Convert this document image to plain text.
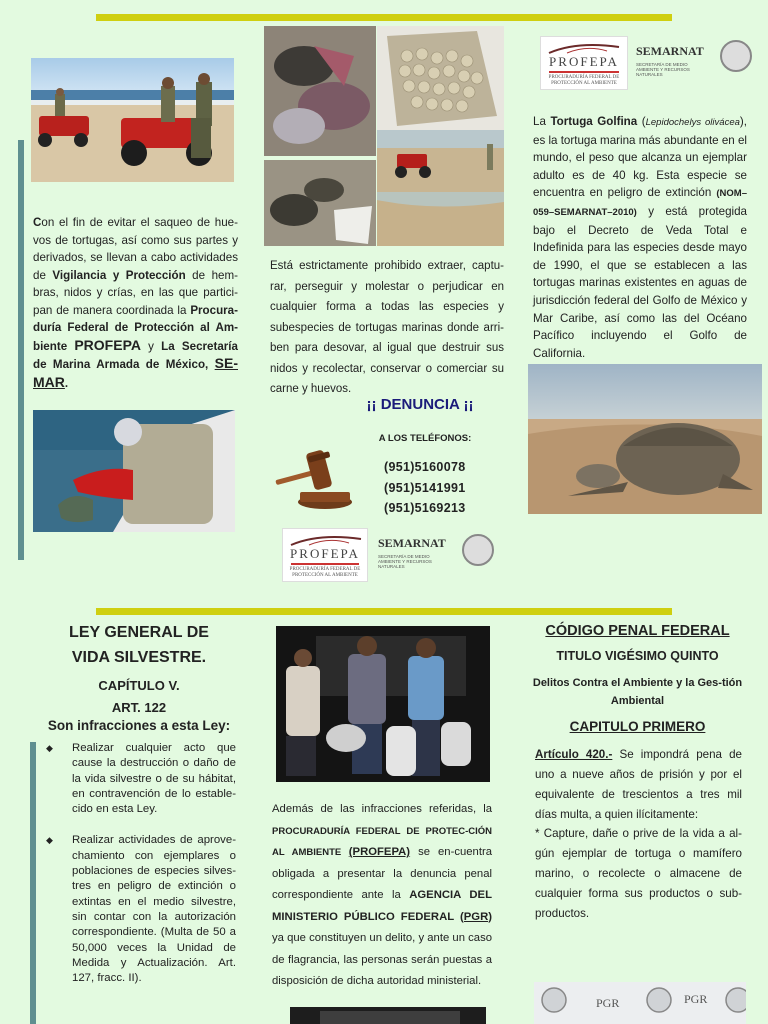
Con el fin de evitar el saqueo de hue-vos de tortugas, así como sus partes y derivados, se llevan a cabo actividades de Vigilancia y Protección de hem-bras, nidos y crías, en las que partici-pan de manera coordinada la Procura-duría Federal de Protección al Am-biente PROFEPA y La Secretaría de Marina Armada de México, SE-MAR.
Está estrictamente prohibido extraer, captu-rar, perseguir y molestar o perjudicar en cualquier forma a todas las especies y subespecies de tortugas marinas donde arri-ben para desovar, al igual que destruir sus nidos y recolectar, conservar o comerciar su carne y huevos.
¡¡ DENUNCIA ¡¡
A LOS TELÉFONOS:
(951)5160078
(951)5141991
(951)5169213
PROFEPA
PROCURADURÍA FEDERAL DE PROTECCIÓN AL AMBIENTE
SEMARNAT
SECRETARÍA DE MEDIO AMBIENTE Y RECURSOS NATURALES
PROFEPA
PROCURADURÍA FEDERAL DE PROTECCIÓN AL AMBIENTE
SEMARNAT
SECRETARÍA DE MEDIO AMBIENTE Y RECURSOS NATURALES
La Tortuga Golfina (Lepidochelys olivácea), es la tortuga marina más abundante en el mundo, el peso que alcanza un ejemplar adulto es de 40 kg. Esta especie se encuentra en peligro de extinción (NOM–059–SEMARNAT–2010) y está protegida bajo el Decreto de Veda Total e Indefinida para las especies desde mayo de 1990, el que se establecen a las tortugas marinas existentes en aguas de jurisdicción federal del Golfo de México y Mar Caribe, así como las del Océano Pacífico incluyendo el Golfo de California.
LEY GENERAL DE
VIDA SILVESTRE.
CAPÍTULO V.
ART. 122
Son infracciones a esta Ley:
◆ Realizar cualquier acto que cause la destrucción o daño de la vida silvestre o de su hábitat, en contravención de lo estable-cido en esta Ley.
◆ Realizar actividades de aprove-chamiento con ejemplares o poblaciones de especies silves-tres en peligro de extinción o extintas en el medio silvestre, sin contar con la autorización correspondiente. (Multa de 50 a 50,000 veces la Unidad de Medida y Actualización. Art. 127, fracc. II).
Además de las infracciones referidas, la PROCURADURÍA FEDERAL DE PROTEC-CIÓN AL AMBIENTE (PROFEPA) se en-cuentra obligada a presentar la denuncia penal correspondiente ante la AGENCIA DEL MINISTERIO PÚBLICO FEDERAL (PGR) ya que constituyen un delito, y ante un caso de flagrancia, las personas serán puestas a disposición de dicha autoridad ministerial.
CÓDIGO PENAL FEDERAL
TITULO VIGÉSIMO QUINTO
Delitos Contra el Ambiente y la Ges-tión Ambiental
CAPITULO PRIMERO
Artículo 420.- Se impondrá pena de uno a nueve años de prisión y por el equivalente de trescientos a tres mil días multa, a quien ilícitamente:
* Capture, dañe o prive de la vida a al-gún ejemplar de tortuga o mamífero marino, o recolecte o almacene de cualquier forma sus productos o sub-productos.
PGR	PGR
